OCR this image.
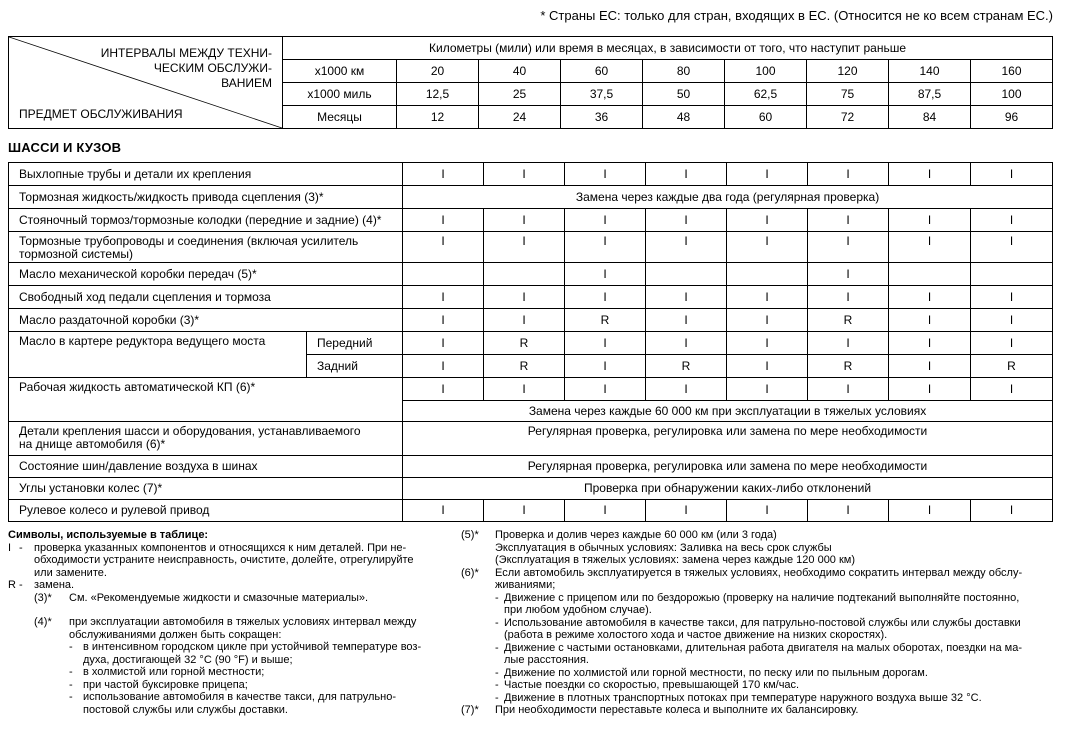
* Страны ЕС: только для стран, входящих в ЕС. (Относится не ко всем странам ЕС.)
ИНТЕРВАЛЫ МЕЖДУ ТЕХНИ-
ЧЕСКИМ ОБСЛУЖИ-
ВАНИЕМ
ПРЕДМЕТ ОБСЛУЖИВАНИЯ	Километры (мили) или время в месяцах, в зависимости от того, что наступит раньше								
	x1000 км	20	40	60	80	100	120	140	160
	x1000 миль	12,5	25	37,5	50	62,5	75	87,5	100
	Месяцы	12	24	36	48	60	72	84	96
ШАССИ И КУЗОВ
Выхлопные трубы и детали их крепления		I	I	I	I	I	I	I	I
Тормозная жидкость/жидкость привода сцепления (3)*		Замена через каждые два года (регулярная проверка)							
Стояночный тормоз/тормозные колодки (передние и задние) (4)*		I	I	I	I	I	I	I	I

Тормозные трубопроводы и соединения (включая усилитель
тормозной системы)		I	I	I	I	I	I	I	I
Масло механической коробки передач (5)*				I			I		
Свободный ход педали сцепления и тормоза		I	I	I	I	I	I	I	I
Масло раздаточной коробки (3)*		I	I	R	I	I	R	I	I
Масло в картере редуктора ведущего моста	Передний	I	R	I	I	I	I	I	I
	Задний	I	R	I	R	I	R	I	R
Рабочая жидкость автоматической КП (6)*		I	I	I	I	I	I	I	I
		Замена через каждые 60 000 км при эксплуатации в тяжелых условиях							

Детали крепления шасси и оборудования, устанавливаемого
на днище автомобиля (6)*		Регулярная проверка, регулировка или замена по мере необходимости							
Состояние шин/давление воздуха в шинах		Регулярная проверка, регулировка или замена по мере необходимости							
Углы установки колес (7)*		Проверка при обнаружении каких-либо отклонений							
Рулевое колесо и рулевой привод		I	I	I	I	I	I	I	I
Символы, используемые в таблице:
I -	проверка указанных компонентов и относящихся к ним деталей. При не-
обходимости устраните неисправность, очистите, долейте, отрегулируйте
или замените.
R -	замена.
(3)*	См. «Рекомендуемые жидкости и смазочные материалы».
(4)*	при эксплуатации автомобиля в тяжелых условиях интервал между
обслуживаниями должен быть сокращен:
- в интенсивном городском цикле при устойчивой температуре воз-
духа, достигающей 32 °C (90 °F) и выше;
- в холмистой или горной местности;
- при частой буксировке прицепа;
- использование автомобиля в качестве такси, для патрульно-
постовой службы или службы доставки.
(5)*	Проверка и долив через каждые 60 000 км (или 3 года)
Эксплуатация в обычных условиях: Заливка на весь срок службы
(Эксплуатация в тяжелых условиях: замена через каждые 120 000 км)
(6)*	Если автомобиль эксплуатируется в тяжелых условиях, необходимо сократить интервал между обслу-
живаниями;
- Движение с прицепом или по бездорожью (проверку на наличие подтеканий выполняйте постоянно,
при любом удобном случае).
- Использование автомобиля в качестве такси, для патрульно-постовой службы или службы доставки
(работа в режиме холостого хода и частое движение на низких скоростях).
- Движение с частыми остановками, длительная работа двигателя на малых оборотах, поездки на ма-
лые расстояния.
- Движение по холмистой или горной местности, по песку или по пыльным дорогам.
- Частые поездки со скоростью, превышающей 170 км/час.
- Движение в плотных транспортных потоках при температуре наружного воздуха выше 32 °C.
(7)*	При необходимости переставьте колеса и выполните их балансировку.
